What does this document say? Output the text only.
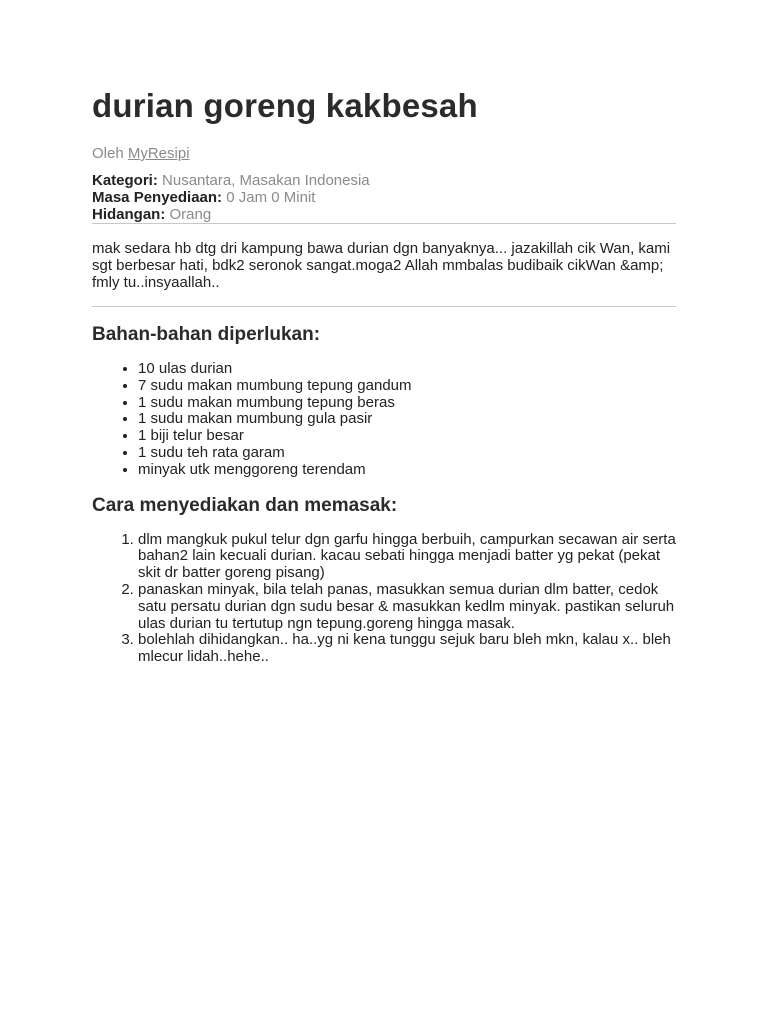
durian goreng kakbesah
Oleh MyResipi
Kategori: Nusantara, Masakan Indonesia
Masa Penyediaan: 0 Jam 0 Minit
Hidangan: Orang
mak sedara hb dtg dri kampung bawa durian dgn banyaknya... jazakillah cik Wan, kami sgt berbesar hati, bdk2 seronok sangat.moga2 Allah mmbalas budibaik cikWan &amp; fmly tu..insyaallah..
Bahan-bahan diperlukan:
• 10 ulas durian
• 7 sudu makan mumbung tepung gandum
• 1 sudu makan mumbung tepung beras
• 1 sudu makan mumbung gula pasir
• 1 biji telur besar
• 1 sudu teh rata garam
• minyak utk menggoreng terendam
Cara menyediakan dan memasak:
1. dlm mangkuk pukul telur dgn garfu hingga berbuih, campurkan secawan air serta bahan2 lain kecuali durian. kacau sebati hingga menjadi batter yg pekat (pekat skit dr batter goreng pisang)
2. panaskan minyak, bila telah panas, masukkan semua durian dlm batter, cedok satu persatu durian dgn sudu besar & masukkan kedlm minyak. pastikan seluruh ulas durian tu tertutup ngn tepung.goreng hingga masak.
3. bolehlah dihidangkan.. ha..yg ni kena tunggu sejuk baru bleh mkn, kalau x.. bleh mlecur lidah..hehe..
